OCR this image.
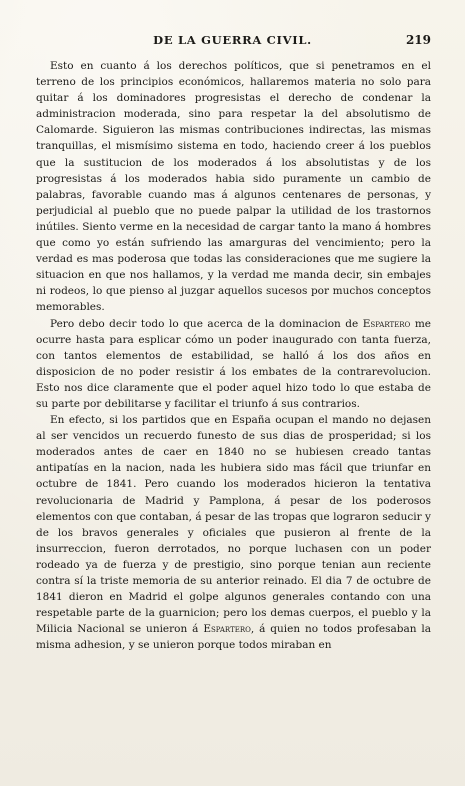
DE LA GUERRA CIVIL.	219

Esto en cuanto á los derechos políticos, que si penetramos en el terreno de los principios económicos, hallaremos materia no solo para quitar á los dominadores progresistas el derecho de condenar la administracion moderada, sino para respetar la del absolutismo de Calomarde. Siguieron las mismas contribuciones indirectas, las mismas tranquillas, el mismísimo sistema en todo, haciendo creer á los pueblos que la sustitucion de los moderados á los absolutistas y de los progresistas á los moderados habia sido puramente un cambio de palabras, favorable cuando mas á algunos centenares de personas, y perjudicial al pueblo que no puede palpar la utilidad de los trastornos inútiles. Siento verme en la necesidad de cargar tanto la mano á hombres que como yo están sufriendo las amarguras del vencimiento; pero la verdad es mas poderosa que todas las consideraciones que me sugiere la situacion en que nos hallamos, y la verdad me manda decir, sin embajes ni rodeos, lo que pienso al juzgar aquellos sucesos por muchos conceptos memorables.

Pero debo decir todo lo que acerca de la dominacion de Espartero me ocurre hasta para esplicar cómo un poder inaugurado con tanta fuerza, con tantos elementos de estabilidad, se halló á los dos años en disposicion de no poder resistir á los embates de la contrarevolucion. Esto nos dice claramente que el poder aquel hizo todo lo que estaba de su parte por debilitarse y facilitar el triunfo á sus contrarios.

En efecto, si los partidos que en España ocupan el mando no dejasen al ser vencidos un recuerdo funesto de sus dias de prosperidad; si los moderados antes de caer en 1840 no se hubiesen creado tantas antipatías en la nacion, nada les hubiera sido mas fácil que triunfar en octubre de 1841. Pero cuando los moderados hicieron la tentativa revolucionaria de Madrid y Pamplona, á pesar de los poderosos elementos con que contaban, á pesar de las tropas que lograron seducir y de los bravos generales y oficiales que pusieron al frente de la insurreccion, fueron derrotados, no porque luchasen con un poder rodeado ya de fuerza y de prestigio, sino porque tenian aun reciente contra sí la triste memoria de su anterior reinado. El dia 7 de octubre de 1841 dieron en Madrid el golpe algunos generales contando con una respetable parte de la guarnicion; pero los demas cuerpos, el pueblo y la Milicia Nacional se unieron á Espartero, á quien no todos profesaban la misma adhesion, y se unieron porque todos miraban en
